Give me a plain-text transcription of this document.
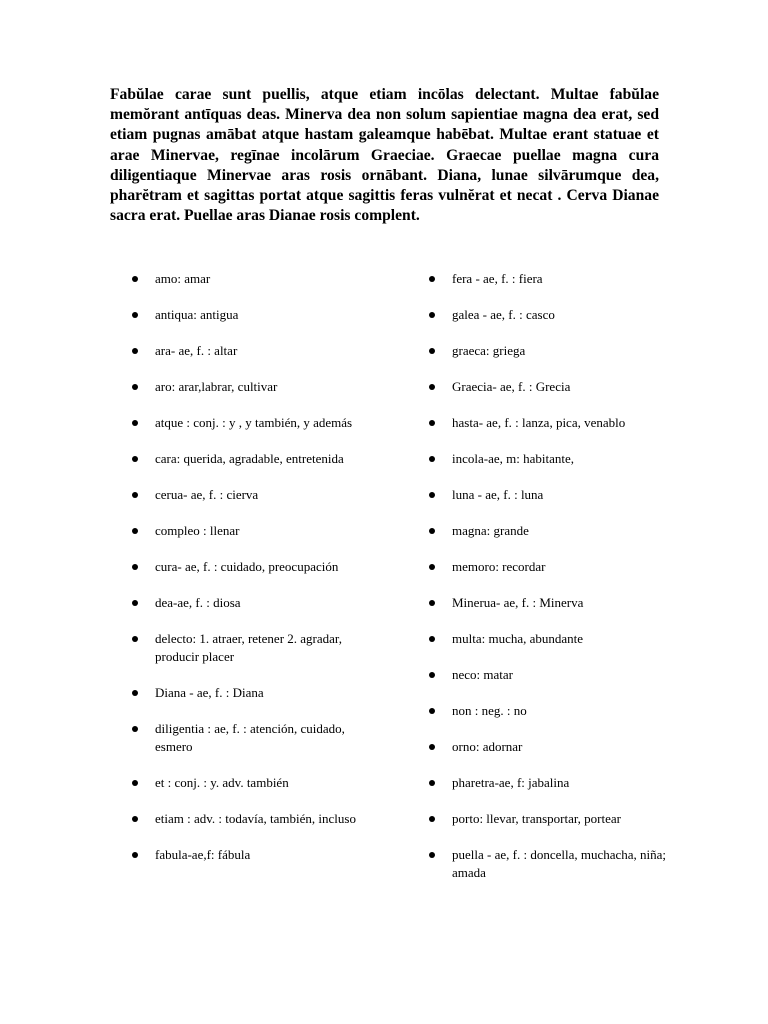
Fabŭlae carae sunt puellis, atque etiam incōlas delectant. Multae fabŭlae memŏrant antīquas deas. Minerva dea non solum sapientiae magna dea erat, sed etiam pugnas amābat atque hastam galeamque habēbat. Multae erant statuae et arae Minervae, regīnae incolārum Graeciae. Graecae puellae magna cura diligentiaque Minervae aras rosis ornābant. Diana, lunae silvārumque dea, pharĕtram et sagittas portat atque sagittis feras vulnĕrat et necat . Cerva Dianae sacra erat. Puellae aras Dianae rosis complent.

amo: amar
antiqua: antigua
ara- ae, f. : altar
aro: arar,labrar, cultivar
atque : conj. : y , y también, y además
cara: querida, agradable, entretenida
cerua- ae, f. : cierva
compleo : llenar
cura- ae, f. : cuidado, preocupación
dea-ae, f. : diosa
delecto: 1. atraer, retener 2. agradar, producir placer
Diana - ae, f. : Diana
diligentia : ae, f. : atención, cuidado, esmero
et : conj. : y. adv. también
etiam : adv. : todavía, también, incluso
fabula-ae,f: fábula
fera - ae, f. : fiera
galea - ae, f. : casco
graeca: griega
Graecia- ae, f. : Grecia
hasta- ae, f. : lanza, pica, venablo
incola-ae, m: habitante,
luna - ae, f. : luna
magna: grande
memoro: recordar
Minerua- ae, f. : Minerva
multa: mucha, abundante
neco: matar
non : neg. : no
orno: adornar
pharetra-ae, f: jabalina
porto: llevar, transportar, portear
puella - ae, f. : doncella, muchacha, niña; amada
